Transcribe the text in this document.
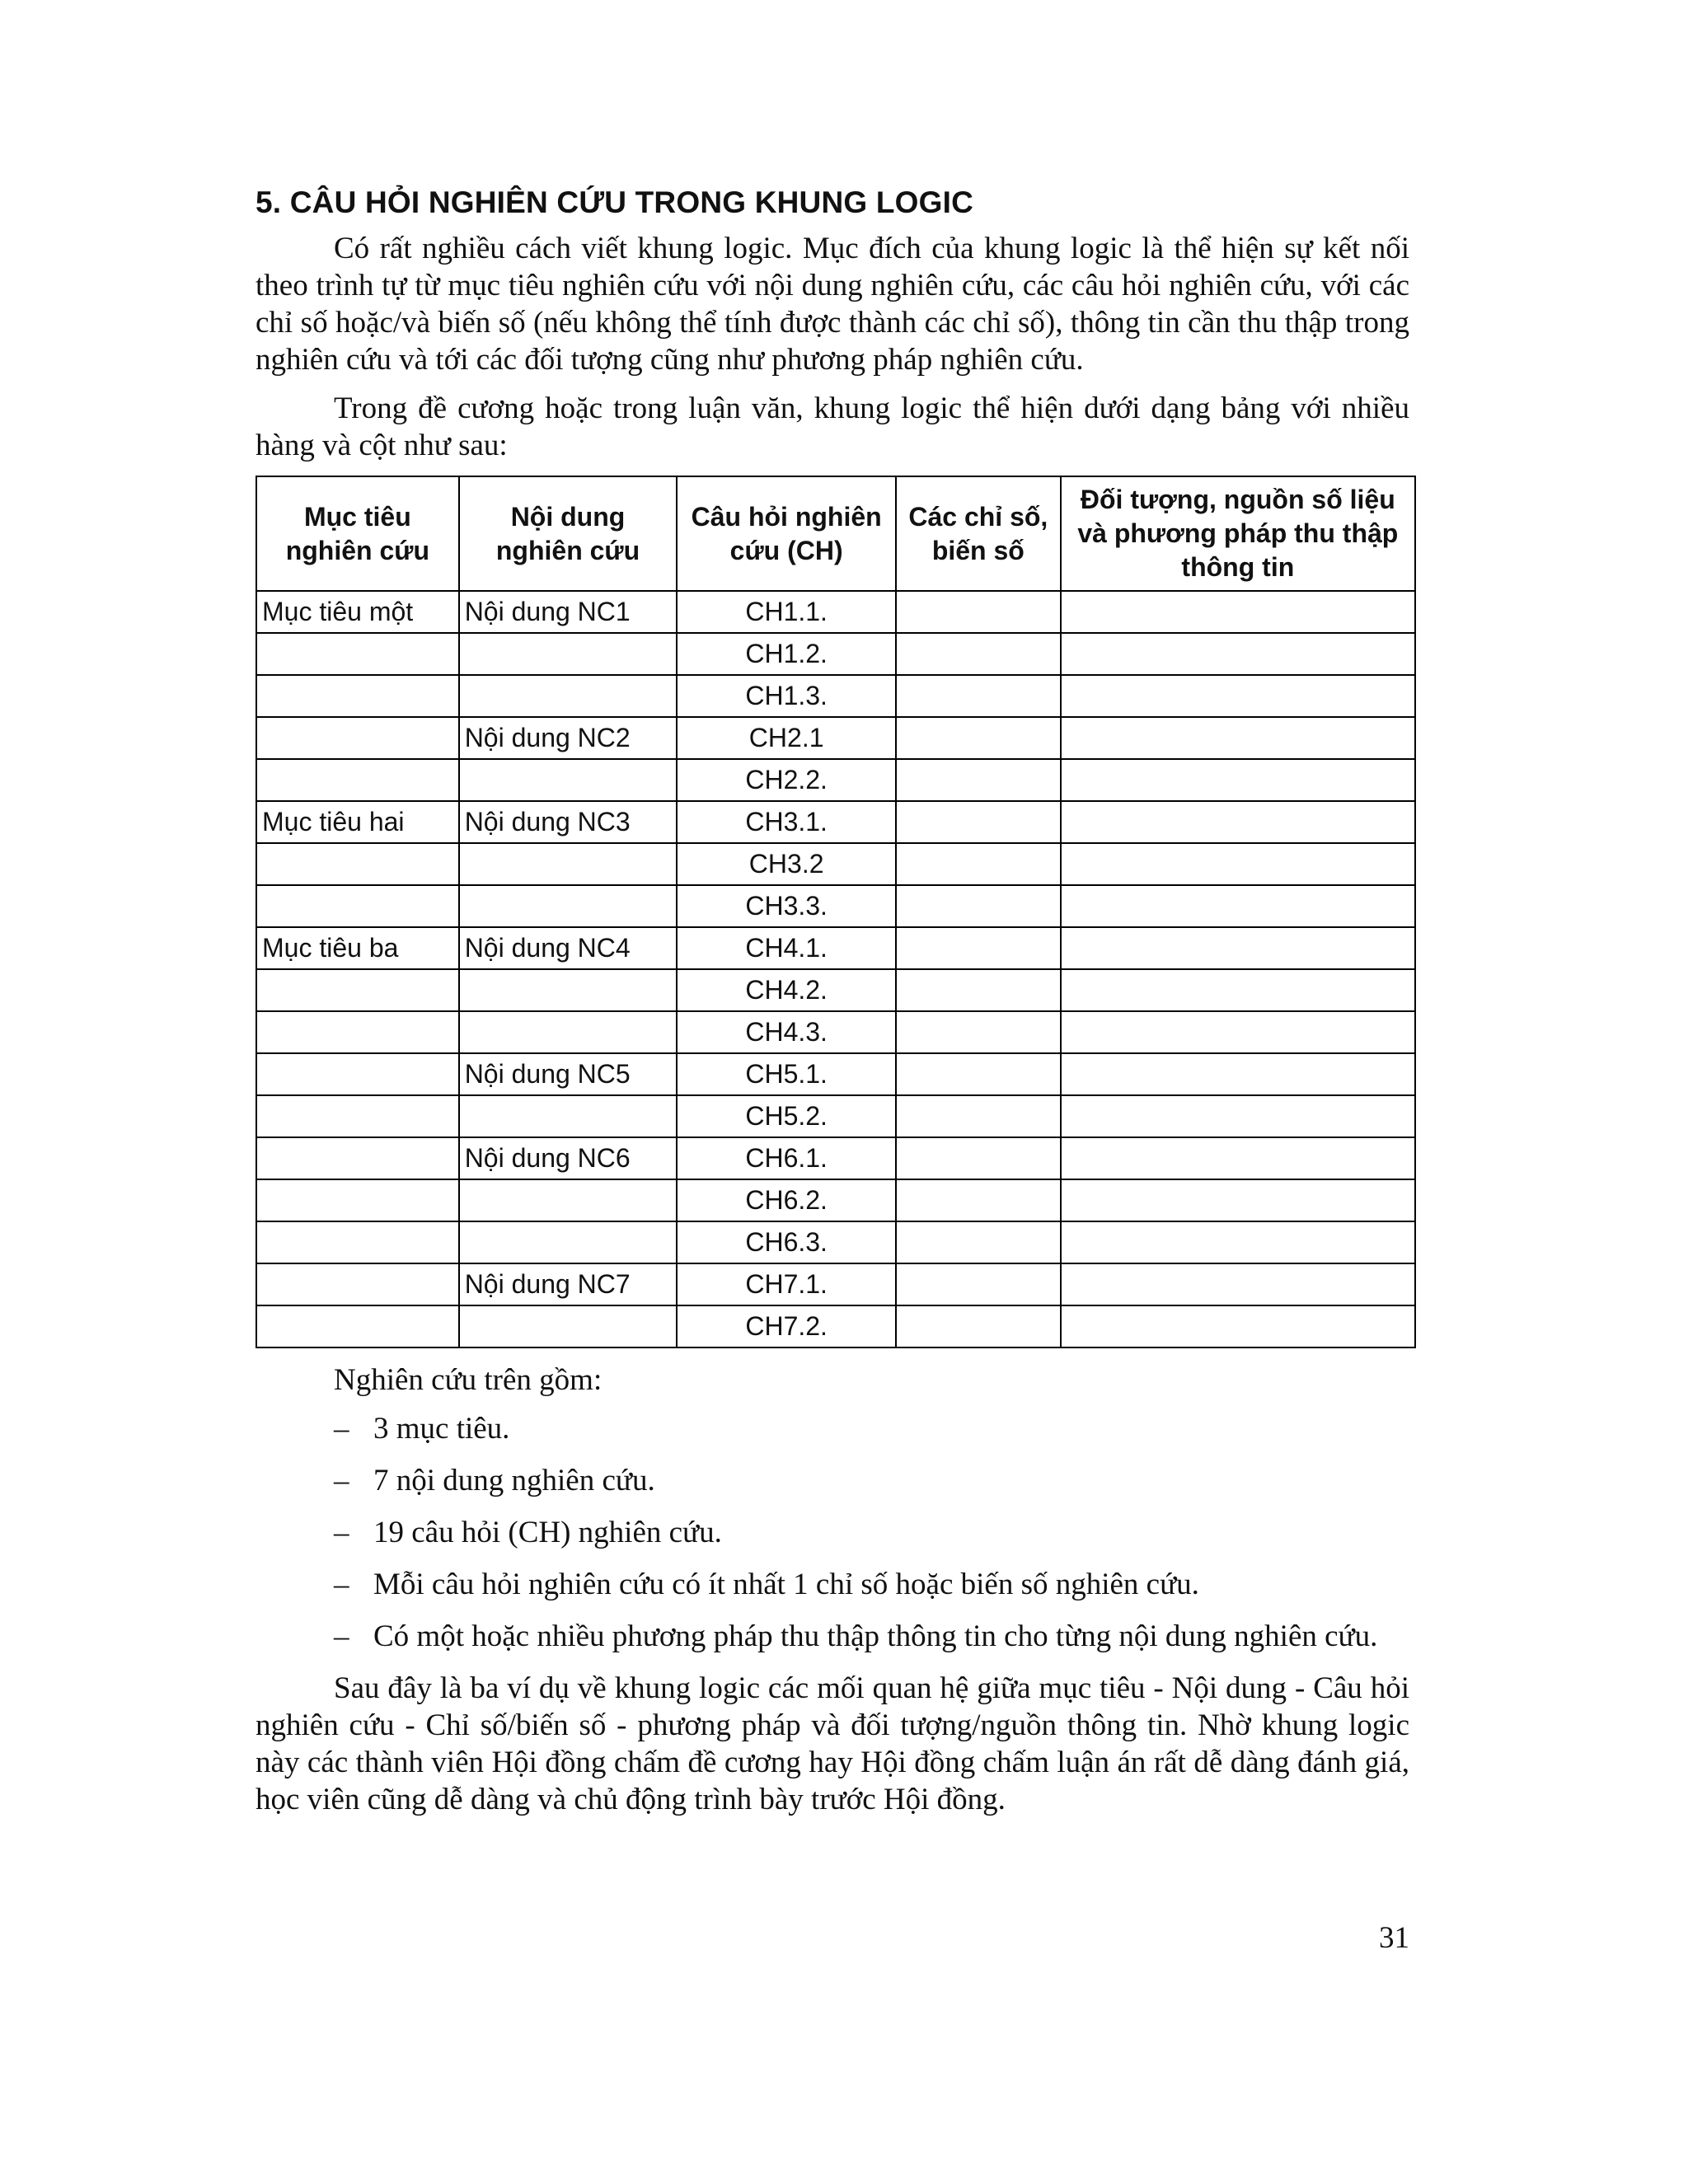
5. CÂU HỎI NGHIÊN CỨU TRONG KHUNG LOGIC

Có rất nghiều cách viết khung logic. Mục đích của khung logic là thể hiện sự kết nối theo trình tự từ mục tiêu nghiên cứu với nội dung nghiên cứu, các câu hỏi nghiên cứu, với các chỉ số hoặc/và biến số (nếu không thể tính được thành các chỉ số), thông tin cần thu thập trong nghiên cứu và tới các đối tượng cũng như phương pháp nghiên cứu.

Trong đề cương hoặc trong luận văn, khung logic thể hiện dưới dạng bảng với nhiều hàng và cột như sau:

Mục tiêu nghiên cứu	Nội dung nghiên cứu	Câu hỏi nghiên cứu (CH)	Các chỉ số, biến số	Đối tượng, nguồn số liệu và phương pháp thu thập thông tin
Mục tiêu một	Nội dung NC1	CH1.1.		
		CH1.2.		
		CH1.3.		
	Nội dung NC2	CH2.1		
		CH2.2.		
Mục tiêu hai	Nội dung NC3	CH3.1.		
		CH3.2		
		CH3.3.		
Mục tiêu ba	Nội dung NC4	CH4.1.		
		CH4.2.		
		CH4.3.		
	Nội dung NC5	CH5.1.		
		CH5.2.		
	Nội dung NC6	CH6.1.		
		CH6.2.		
		CH6.3.		
	Nội dung NC7	CH7.1.		
		CH7.2.		

Nghiên cứu trên gồm:

– 3 mục tiêu.
– 7 nội dung nghiên cứu.
– 19 câu hỏi (CH) nghiên cứu.
– Mỗi câu hỏi nghiên cứu có ít nhất 1 chỉ số hoặc biến số nghiên cứu.
– Có một hoặc nhiều phương pháp thu thập thông tin cho từng nội dung nghiên cứu.

Sau đây là ba ví dụ về khung logic các mối quan hệ giữa mục tiêu - Nội dung - Câu hỏi nghiên cứu - Chỉ số/biến số - phương pháp và đối tượng/nguồn thông tin. Nhờ khung logic này các thành viên Hội đồng chấm đề cương hay Hội đồng chấm luận án rất dễ dàng đánh giá, học viên cũng dễ dàng và chủ động trình bày trước Hội đồng.

31
